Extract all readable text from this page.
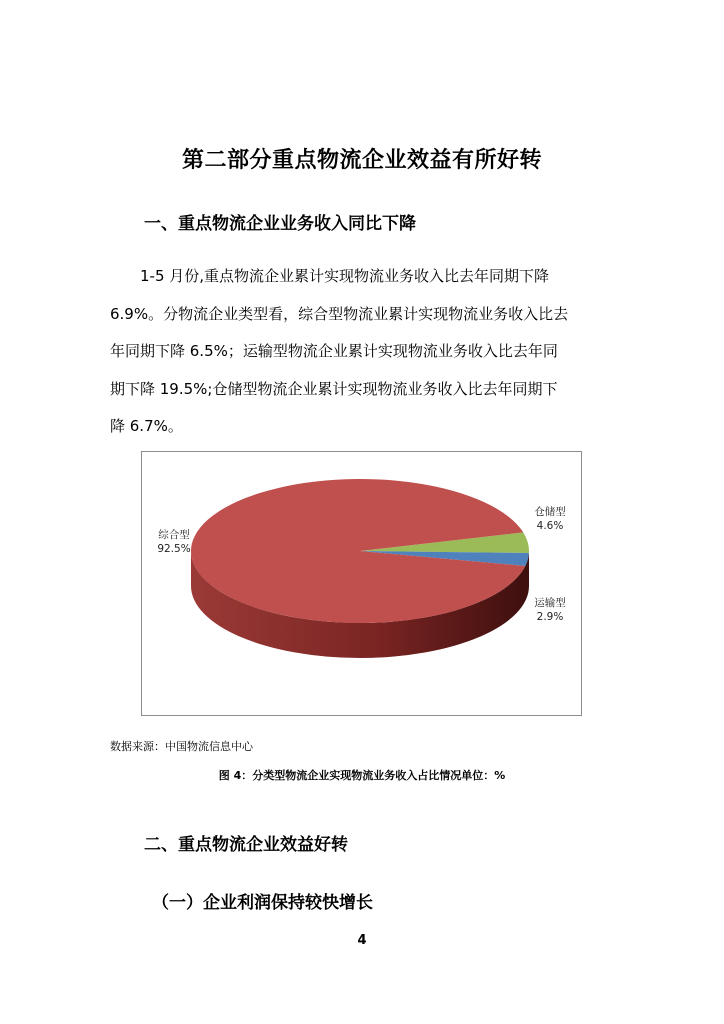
第二部分重点物流企业效益有所好转
一、重点物流企业业务收入同比下降
1-5 月份,重点物流企业累计实现物流业务收入比去年同期下降
6.9%。分物流企业类型看，综合型物流业累计实现物流业务收入比去
年同期下降 6.5%；运输型物流企业累计实现物流业务收入比去年同
期下降 19.5%;仓储型物流企业累计实现物流业务收入比去年同期下
降 6.7%。
综合型 92.5%
仓储型 4.6%
运输型 2.9%
数据来源：中国物流信息中心
图 4：分类型物流企业实现物流业务收入占比情况单位：%
二、重点物流企业效益好转
（一）企业利润保持较快增长
4
